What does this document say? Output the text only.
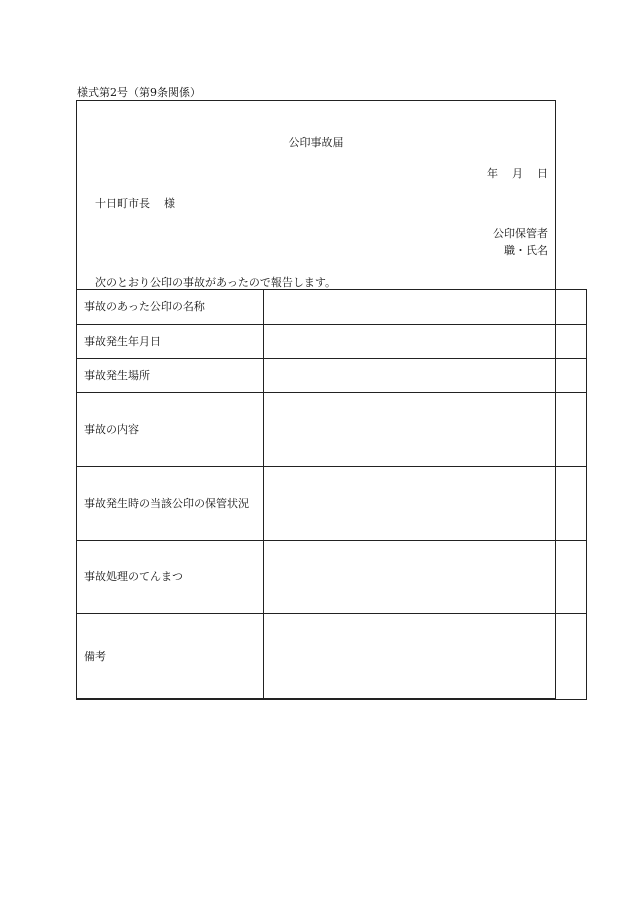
様式第2号（第9条関係）
公印事故届
年 月 日
十日町市長 様
公印保管者
職・氏名
次のとおり公印の事故があったので報告します。
事故のあった公印の名称	
事故発生年月日	
事故発生場所	
事故の内容	
事故発生時の当該公印の保管状況	
事故処理のてんまつ	
備考	
